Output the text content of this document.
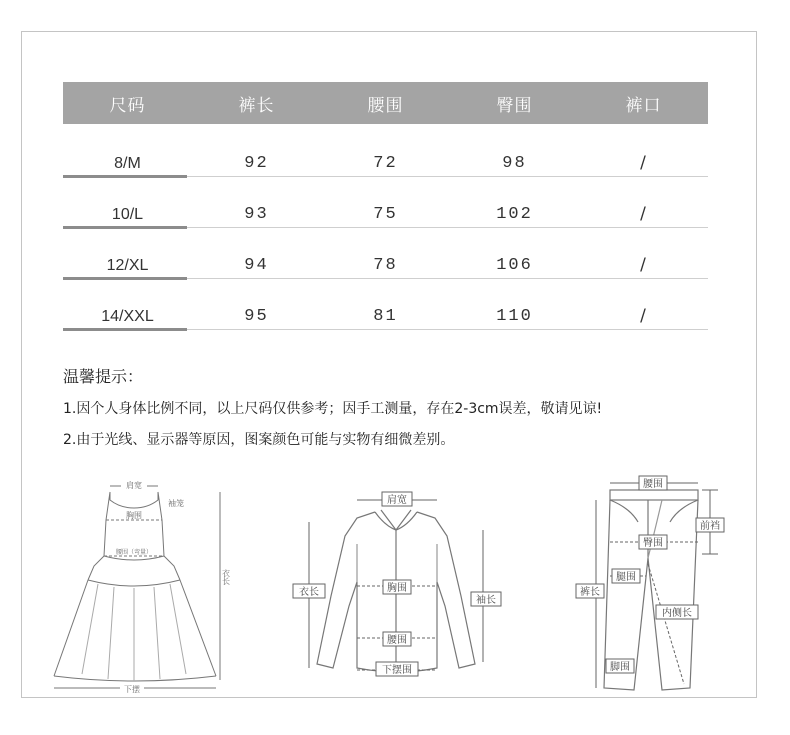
尺码	裤长	腰围	臀围	裤口
8/M	92	72	98	/
10/L	93	75	102	/
12/XL	94	78	106	/
14/XXL	95	81	110	/
温馨提示：
1.因个人身体比例不同，以上尺码仅供参考；因手工测量，存在2-3cm误差，敬请见谅!
2.由于光线、显示器等原因，图案颜色可能与实物有细微差别。
肩宽
袖笼
胸围
腰围（弯量）
衣长
下摆
肩宽
衣长	胸围
袖长
腰围
下摆围
腰围
前裆
臀围
腿围
裤长
内侧长
脚围
